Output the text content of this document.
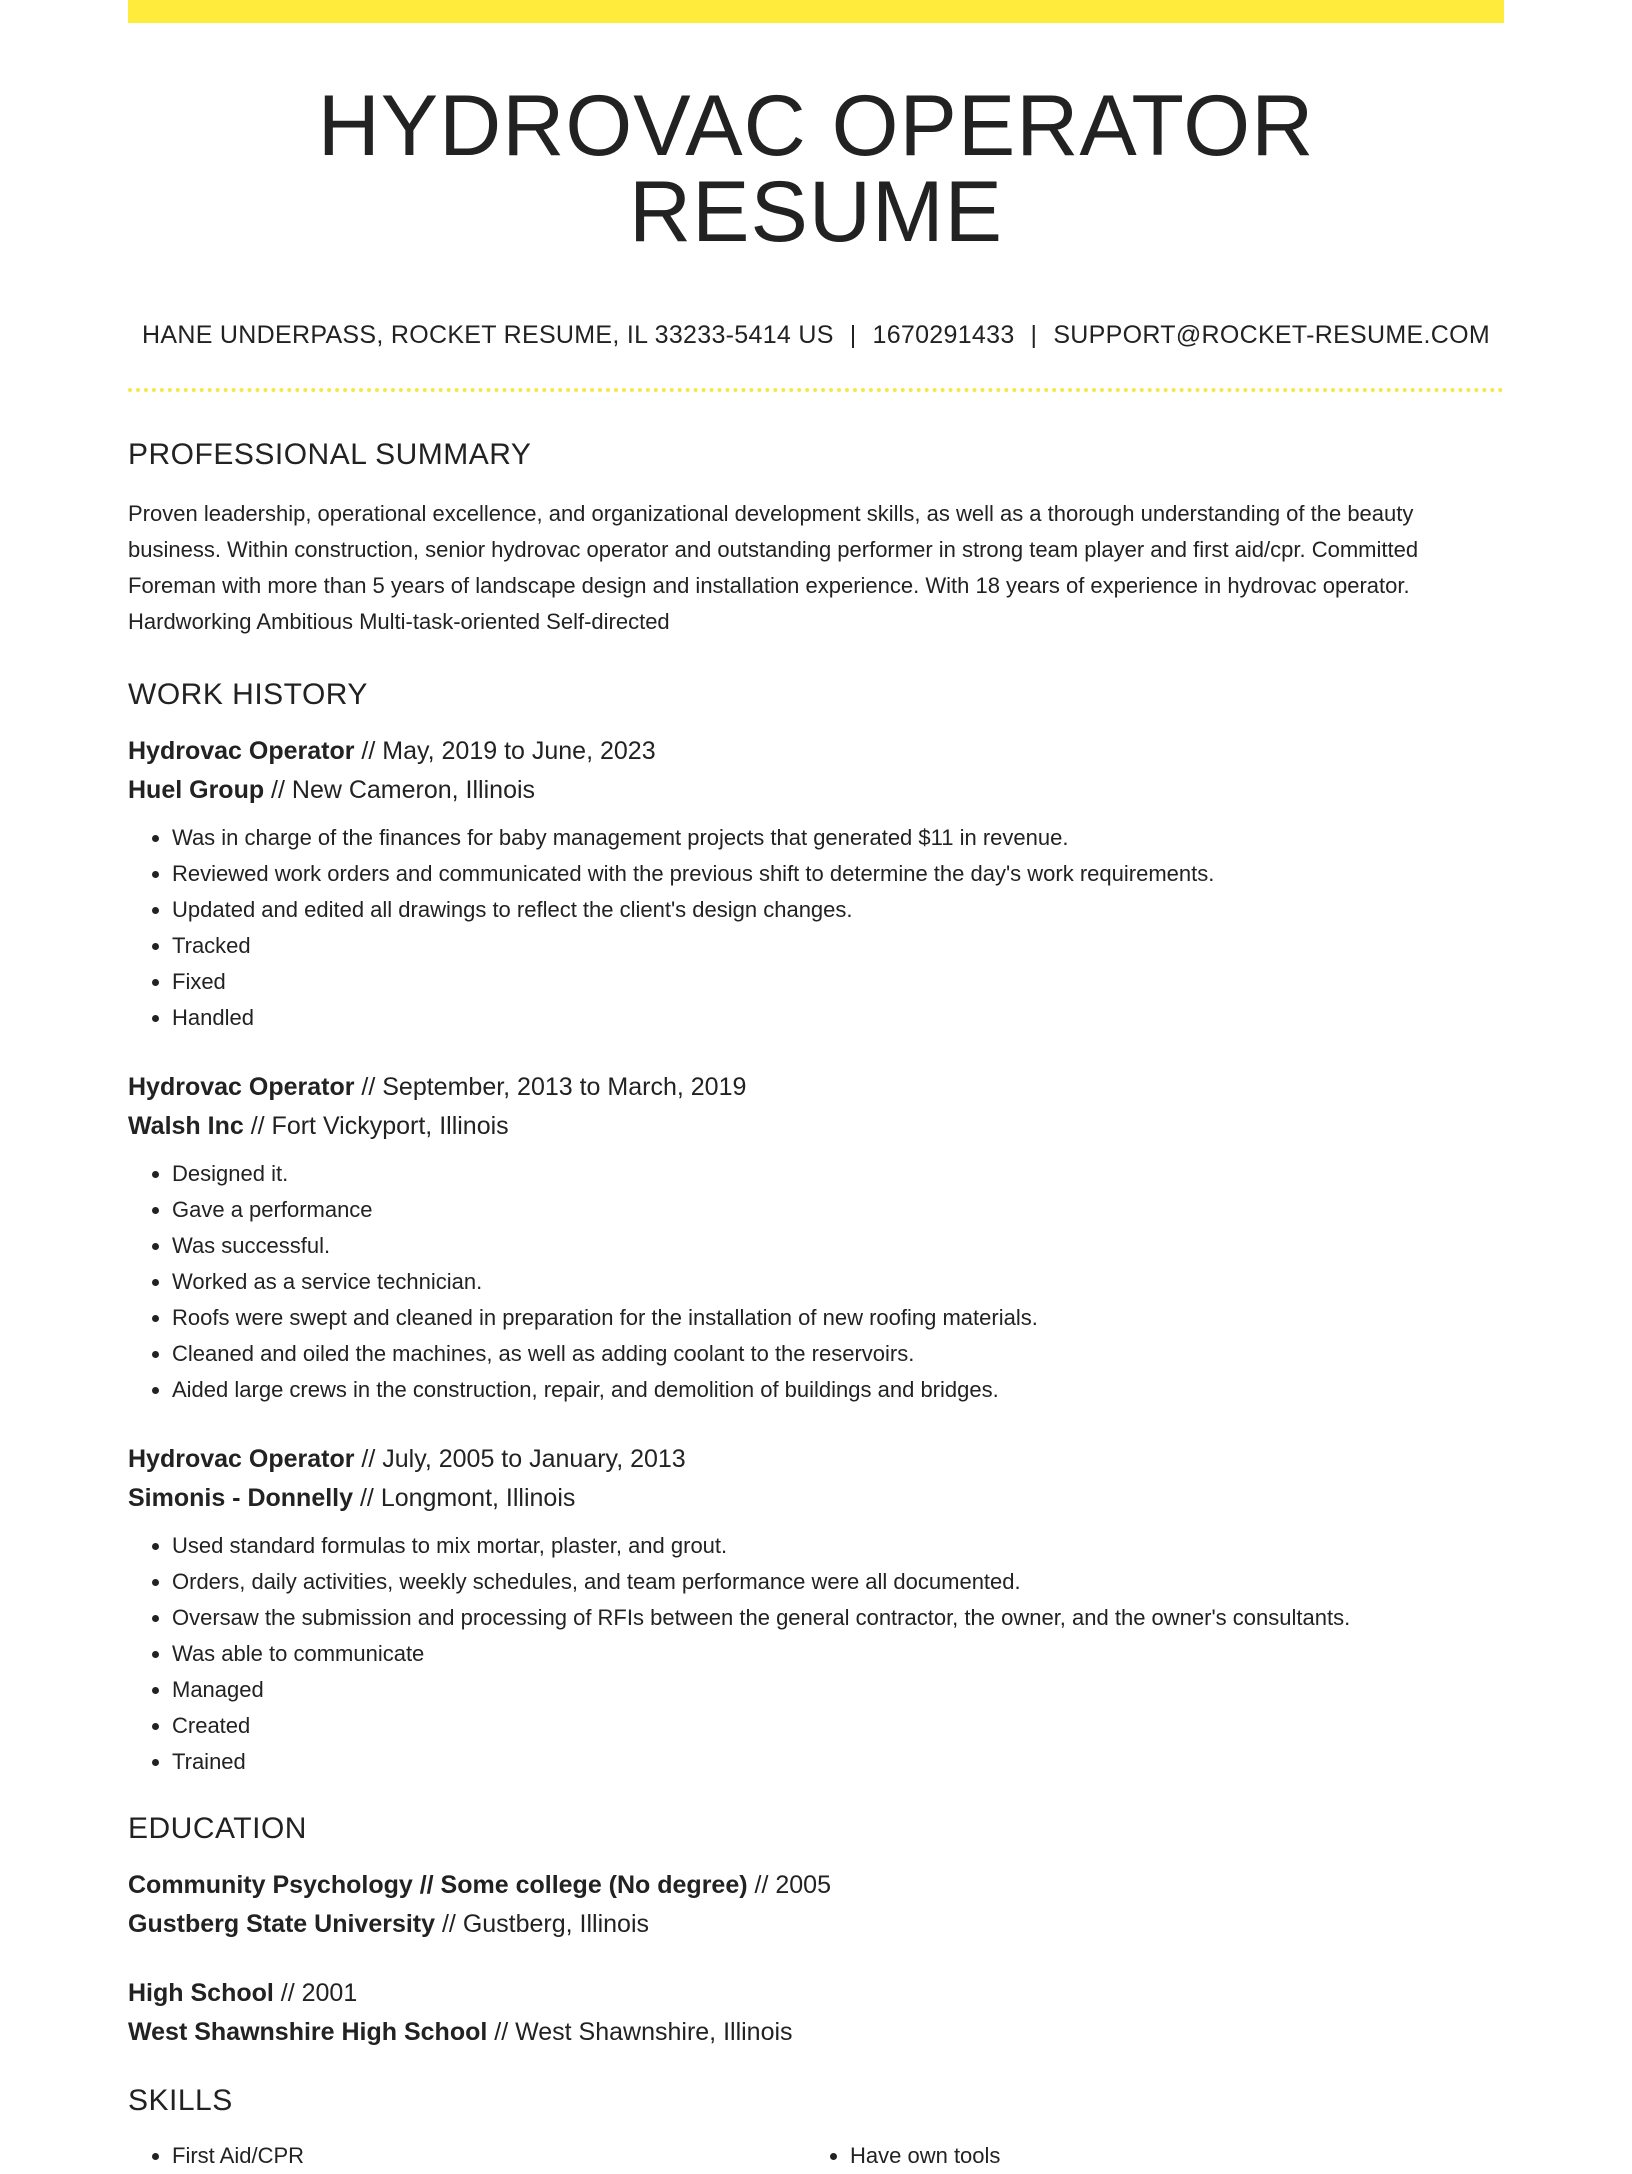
HYDROVAC OPERATOR RESUME
HANE UNDERPASS, ROCKET RESUME, IL 33233-5414 US | 1670291433 | SUPPORT@ROCKET-RESUME.COM
PROFESSIONAL SUMMARY

Proven leadership, operational excellence, and organizational development skills, as well as a thorough understanding of the beauty business. Within construction, senior hydrovac operator and outstanding performer in strong team player and first aid/cpr. Committed Foreman with more than 5 years of landscape design and installation experience. With 18 years of experience in hydrovac operator. Hardworking Ambitious Multi-task-oriented Self-directed

WORK HISTORY
Hydrovac Operator // May, 2019 to June, 2023
Huel Group // New Cameron, Illinois
• Was in charge of the finances for baby management projects that generated $11 in revenue.
• Reviewed work orders and communicated with the previous shift to determine the day's work requirements.
• Updated and edited all drawings to reflect the client's design changes.
• Tracked
• Fixed
• Handled
Hydrovac Operator // September, 2013 to March, 2019
Walsh Inc // Fort Vickyport, Illinois
• Designed it.
• Gave a performance
• Was successful.
• Worked as a service technician.
• Roofs were swept and cleaned in preparation for the installation of new roofing materials.
• Cleaned and oiled the machines, as well as adding coolant to the reservoirs.
• Aided large crews in the construction, repair, and demolition of buildings and bridges.
Hydrovac Operator // July, 2005 to January, 2013
Simonis - Donnelly // Longmont, Illinois
• Used standard formulas to mix mortar, plaster, and grout.
• Orders, daily activities, weekly schedules, and team performance were all documented.
• Oversaw the submission and processing of RFIs between the general contractor, the owner, and the owner's consultants.
• Was able to communicate
• Managed
• Created
• Trained
EDUCATION
Community Psychology // Some college (No degree) // 2005
Gustberg State University // Gustberg, Illinois
High School // 2001
West Shawnshire High School // West Shawnshire, Illinois
SKILLS
• First Aid/CPR
•	Have own tools
